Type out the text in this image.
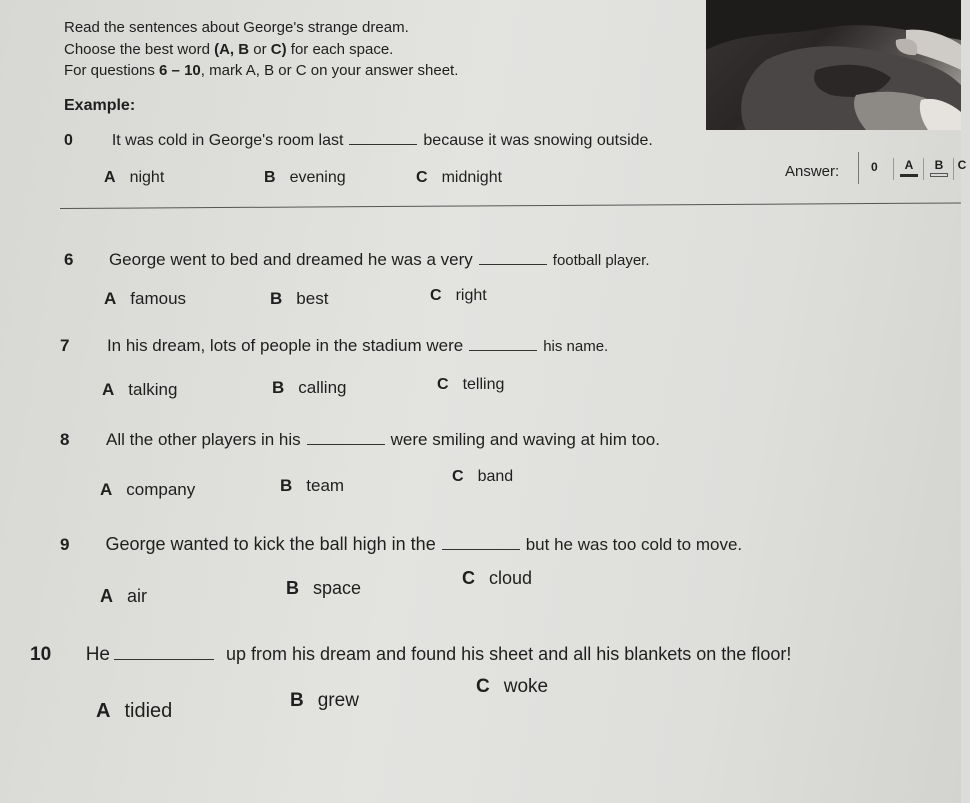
Read the sentences about George's strange dream.
Choose the best word (A, B or C) for each space.
For questions 6 – 10, mark A, B or C on your answer sheet.
Example:
0 It was cold in George's room last	because it was snowing outside.
A night	B evening	C midnight	Answer:	0	A	B	C
6 George went to bed and dreamed he was a very	football player.
A famous	B best	C right
7 In his dream, lots of people in the stadium were	his name.
A talking	B calling	C telling
8 All the other players in his	were smiling and waving at him too.
A company	B team	C band
9 George wanted to kick the ball high in the	but he was too cold to move.
A air	B space	C cloud
10 He	up from his dream and found his sheet and all his blankets on the floor!
A tidied	B grew
C woke
